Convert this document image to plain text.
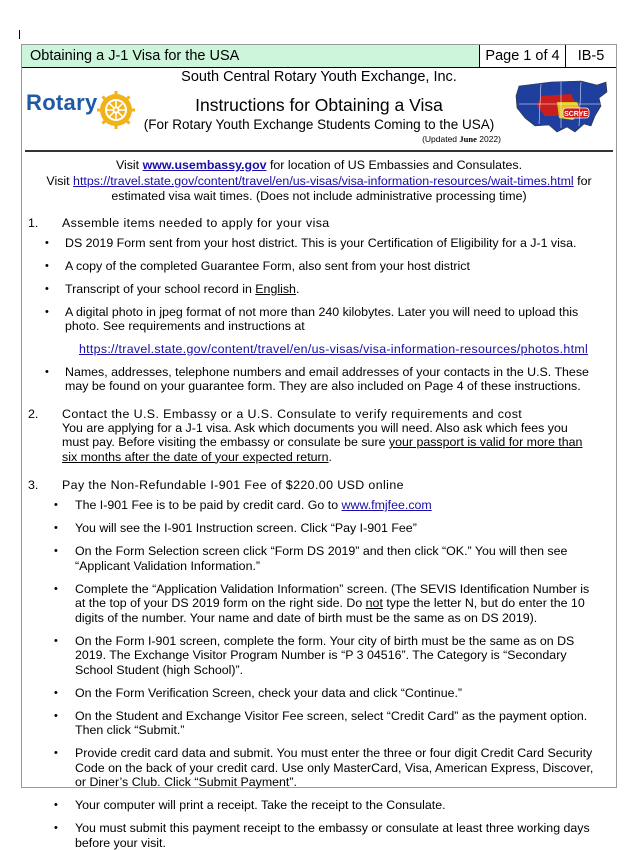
Obtaining a J-1 Visa for the USA	Page 1 of 4	IB-5
South Central Rotary Youth Exchange, Inc.
Rotary	Instructions for Obtaining a Visa
(For Rotary Youth Exchange Students Coming to the USA)
(Updated June 2022)
SCRYE
Visit www.usembassy.gov for location of US Embassies and Consulates.
Visit https://travel.state.gov/content/travel/en/us-visas/visa-information-resources/wait-times.html for estimated visa wait times. (Does not include administrative processing time)
1.	Assemble items needed to apply for your visa
• DS 2019 Form sent from your host district. This is your Certification of Eligibility for a J-1 visa.
• A copy of the completed Guarantee Form, also sent from your host district
• Transcript of your school record in English.
• A digital photo in jpeg format of not more than 240 kilobytes. Later you will need to upload this photo. See requirements and instructions at
https://travel.state.gov/content/travel/en/us-visas/visa-information-resources/photos.html
• Names, addresses, telephone numbers and email addresses of your contacts in the U.S. These may be found on your guarantee form. They are also included on Page 4 of these instructions.
2.	Contact the U.S. Embassy or a U.S. Consulate to verify requirements and cost
You are applying for a J-1 visa. Ask which documents you will need. Also ask which fees you must pay. Before visiting the embassy or consulate be sure your passport is valid for more than six months after the date of your expected return.
3.	Pay the Non-Refundable I-901 Fee of $220.00 USD online
• The I-901 Fee is to be paid by credit card. Go to www.fmjfee.com
• You will see the I-901 Instruction screen. Click “Pay I-901 Fee”
• On the Form Selection screen click “Form DS 2019” and then click “OK.” You will then see “Applicant Validation Information.”
• Complete the “Application Validation Information” screen. (The SEVIS Identification Number is at the top of your DS 2019 form on the right side. Do not type the letter N, but do enter the 10 digits of the number. Your name and date of birth must be the same as on DS 2019).
• On the Form I-901 screen, complete the form. Your city of birth must be the same as on DS 2019. The Exchange Visitor Program Number is “P 3 04516”. The Category is “Secondary School Student (high School)”.
• On the Form Verification Screen, check your data and click “Continue.”
• On the Student and Exchange Visitor Fee screen, select “Credit Card” as the payment option. Then click “Submit.”
• Provide credit card data and submit. You must enter the three or four digit Credit Card Security Code on the back of your credit card. Use only MasterCard, Visa, American Express, Discover, or Diner’s Club. Click “Submit Payment”.
• Your computer will print a receipt. Take the receipt to the Consulate.
• You must submit this payment receipt to the embassy or consulate at least three working days before your visit.
